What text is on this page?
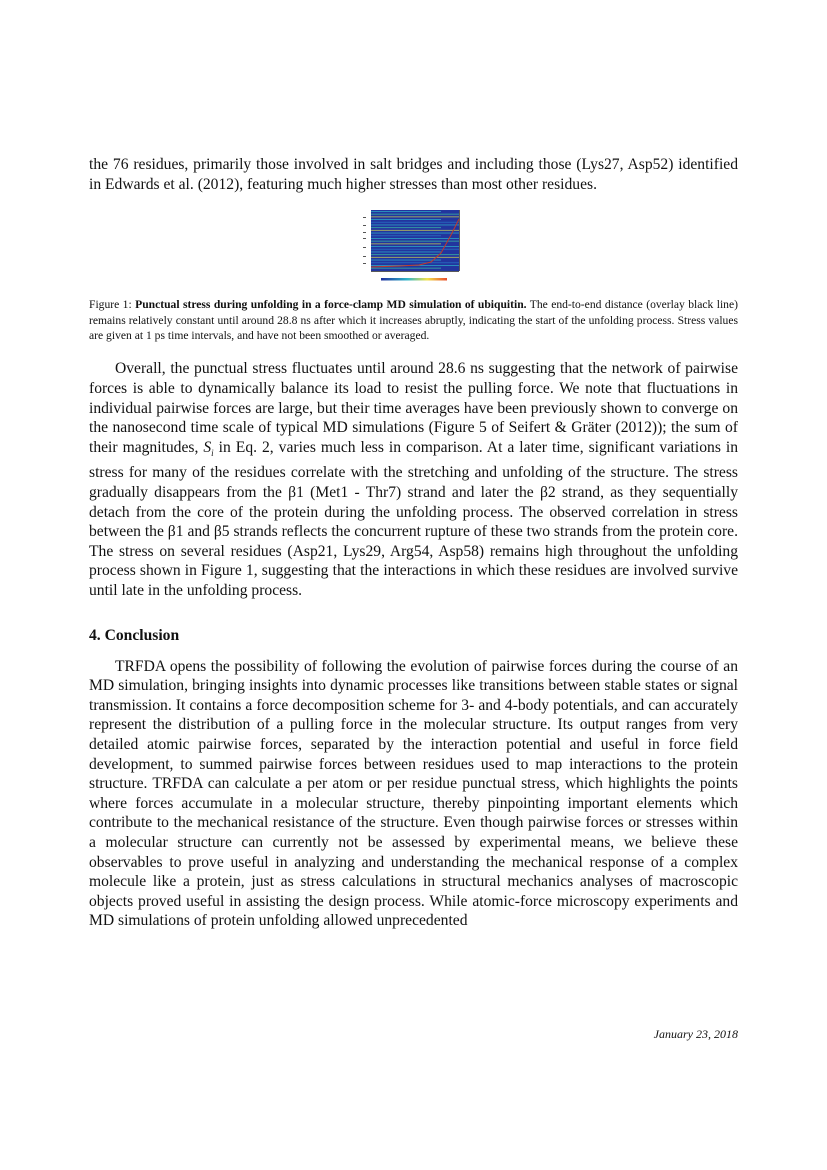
the 76 residues, primarily those involved in salt bridges and including those (Lys27, Asp52) identified in Edwards et al. (2012), featuring much higher stresses than most other residues.

Figure 1: Punctual stress during unfolding in a force-clamp MD simulation of ubiquitin. The end-to-end distance (overlay black line) remains relatively constant until around 28.8 ns after which it increases abruptly, indicating the start of the unfolding process. Stress values are given at 1 ps time intervals, and have not been smoothed or averaged.

Overall, the punctual stress fluctuates until around 28.6 ns suggesting that the network of pairwise forces is able to dynamically balance its load to resist the pulling force. We note that fluctuations in individual pairwise forces are large, but their time averages have been previously shown to converge on the nanosecond time scale of typical MD simulations (Figure 5 of Seifert & Gräter (2012)); the sum of their magnitudes, $S_i$ in Eq. 2, varies much less in comparison. At a later time, significant variations in stress for many of the residues correlate with the stretching and unfolding of the structure. The stress gradually disappears from the β1 (Met1 - Thr7) strand and later the β2 strand, as they sequentially detach from the core of the protein during the unfolding process. The observed correlation in stress between the β1 and β5 strands reflects the concurrent rupture of these two strands from the protein core. The stress on several residues (Asp21, Lys29, Arg54, Asp58) remains high throughout the unfolding process shown in Figure 1, suggesting that the interactions in which these residues are involved survive until late in the unfolding process.

4. Conclusion

TRFDA opens the possibility of following the evolution of pairwise forces during the course of an MD simulation, bringing insights into dynamic processes like transitions between stable states or signal transmission. It contains a force decomposition scheme for 3- and 4-body potentials, and can accurately represent the distribution of a pulling force in the molecular structure. Its output ranges from very detailed atomic pairwise forces, separated by the interaction potential and useful in force field development, to summed pairwise forces between residues used to map interactions to the protein structure. TRFDA can calculate a per atom or per residue punctual stress, which highlights the points where forces accumulate in a molecular structure, thereby pinpointing important elements which contribute to the mechanical resistance of the structure. Even though pairwise forces or stresses within a molecular structure can currently not be assessed by experimental means, we believe these observables to prove useful in analyzing and understanding the mechanical response of a complex molecule like a protein, just as stress calculations in structural mechanics analyses of macroscopic objects proved useful in assisting the design process. While atomic-force microscopy experiments and MD simulations of protein unfolding allowed unprecedented

January 23, 2018
